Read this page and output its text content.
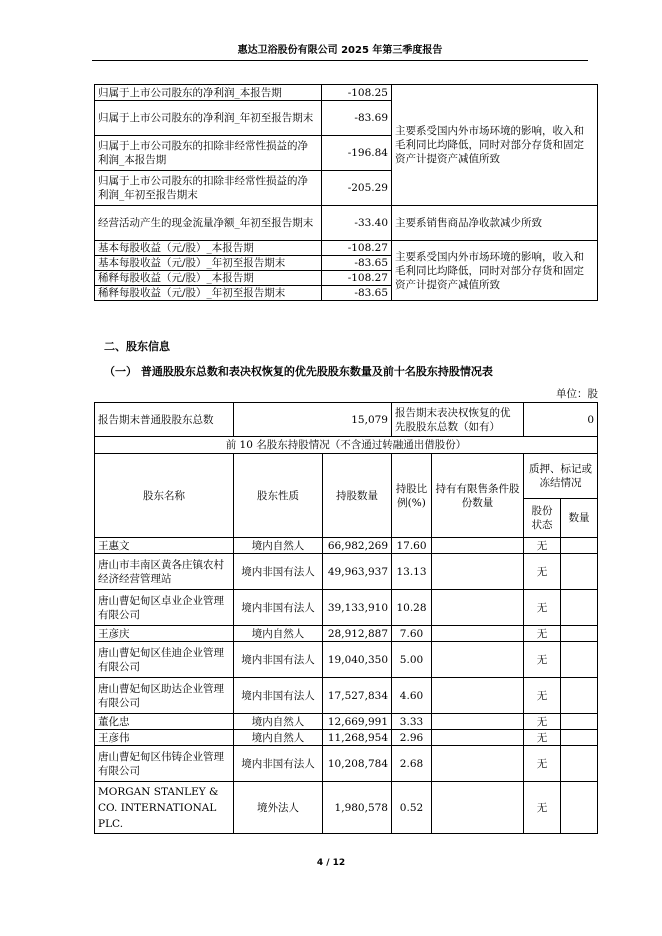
惠达卫浴股份有限公司 2025 年第三季度报告
归属于上市公司股东的净利润_本报告期	-108.25	主要系受国内外市场环境的影响，收入和毛利同比均降低，同时对部分存货和固定资产计提资产减值所致
归属于上市公司股东的净利润_年初至报告期末	-83.69	
归属于上市公司股东的扣除非经常性损益的净利润_本报告期	-196.84	
归属于上市公司股东的扣除非经常性损益的净利润_年初至报告期末	-205.29	
经营活动产生的现金流量净额_年初至报告期末	-33.40	主要系销售商品净收款减少所致
基本每股收益（元/股）_本报告期	-108.27	主要系受国内外市场环境的影响，收入和毛利同比均降低，同时对部分存货和固定资产计提资产减值所致
基本每股收益（元/股）_年初至报告期末	-83.65	
稀释每股收益（元/股）_本报告期	-108.27	
稀释每股收益（元/股）_年初至报告期末	-83.65	
二、股东信息
（一） 普通股股东总数和表决权恢复的优先股股东数量及前十名股东持股情况表
单位：股
报告期末普通股股东总数	15,079		报告期末表决权恢复的优先股股东总数（如有）		0	
前 10 名股东持股情况（不含通过转融通出借股份）						
股东名称	股东性质	持股数量	持股比例(%)	持有有限售条件股份数量	质押、标记或冻结情况	
					股份状态	数量
王惠文	境内自然人	66,982,269	17.60		无	
唐山市丰南区黄各庄镇农村经济经营管理站	境内非国有法人	49,963,937	13.13		无	
唐山曹妃甸区卓业企业管理有限公司	境内非国有法人	39,133,910	10.28		无	
王彦庆	境内自然人	28,912,887	7.60		无	
唐山曹妃甸区佳迪企业管理有限公司	境内非国有法人	19,040,350	5.00		无	
唐山曹妃甸区助达企业管理有限公司	境内非国有法人	17,527,834	4.60		无	
董化忠	境内自然人	12,669,991	3.33		无	
王彦伟	境内自然人	11,268,954	2.96		无	
唐山曹妃甸区伟铸企业管理有限公司	境内非国有法人	10,208,784	2.68		无	
MORGAN STANLEY & CO. INTERNATIONAL PLC.	境外法人	1,980,578	0.52		无	
4 / 12
